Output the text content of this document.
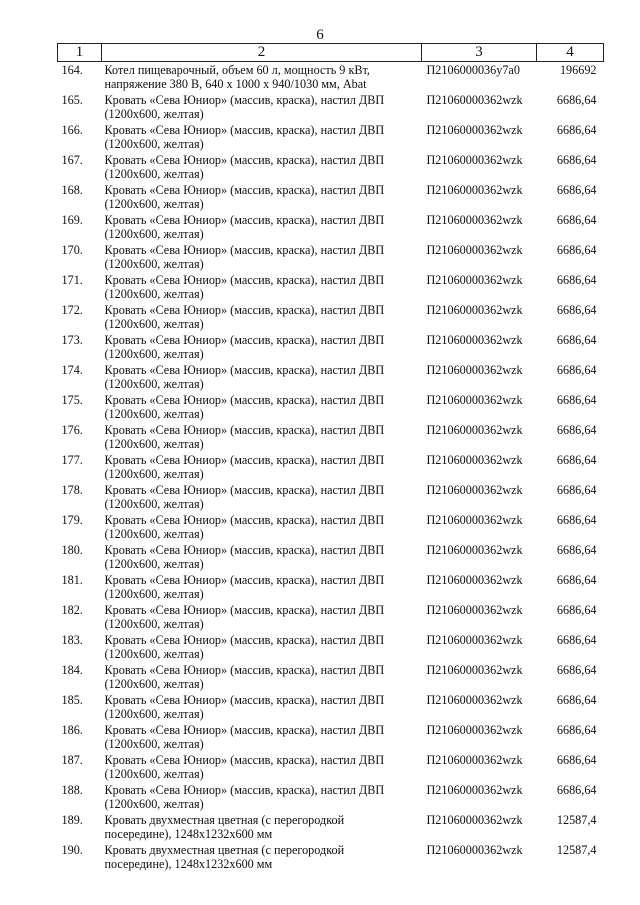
6
1	2	3	4
164.	Котел пищеварочный, объем 60 л, мощность 9 кВт,
напряжение 380 В, 640 х 1000 х 940/1030 мм, Abat	П2106000036у7а0	196692
165.	Кровать «Сева Юниор» (массив, краска), настил ДВП
(1200х600, желтая)	П21060000362wzk	6686,64
166.	Кровать «Сева Юниор» (массив, краска), настил ДВП
(1200х600, желтая)	П21060000362wzk	6686,64
167.	Кровать «Сева Юниор» (массив, краска), настил ДВП
(1200х600, желтая)	П21060000362wzk	6686,64
168.	Кровать «Сева Юниор» (массив, краска), настил ДВП
(1200х600, желтая)	П21060000362wzk	6686,64
169.	Кровать «Сева Юниор» (массив, краска), настил ДВП
(1200х600, желтая)	П21060000362wzk	6686,64
170.	Кровать «Сева Юниор» (массив, краска), настил ДВП
(1200х600, желтая)	П21060000362wzk	6686,64
171.	Кровать «Сева Юниор» (массив, краска), настил ДВП
(1200х600, желтая)	П21060000362wzk	6686,64
172.	Кровать «Сева Юниор» (массив, краска), настил ДВП
(1200х600, желтая)	П21060000362wzk	6686,64
173.	Кровать «Сева Юниор» (массив, краска), настил ДВП
(1200х600, желтая)	П21060000362wzk	6686,64
174.	Кровать «Сева Юниор» (массив, краска), настил ДВП
(1200х600, желтая)	П21060000362wzk	6686,64
175.	Кровать «Сева Юниор» (массив, краска), настил ДВП
(1200х600, желтая)	П21060000362wzk	6686,64
176.	Кровать «Сева Юниор» (массив, краска), настил ДВП
(1200х600, желтая)	П21060000362wzk	6686,64
177.	Кровать «Сева Юниор» (массив, краска), настил ДВП
(1200х600, желтая)	П21060000362wzk	6686,64
178.	Кровать «Сева Юниор» (массив, краска), настил ДВП
(1200х600, желтая)	П21060000362wzk	6686,64
179.	Кровать «Сева Юниор» (массив, краска), настил ДВП
(1200х600, желтая)	П21060000362wzk	6686,64
180.	Кровать «Сева Юниор» (массив, краска), настил ДВП
(1200х600, желтая)	П21060000362wzk	6686,64
181.	Кровать «Сева Юниор» (массив, краска), настил ДВП
(1200х600, желтая)	П21060000362wzk	6686,64
182.	Кровать «Сева Юниор» (массив, краска), настил ДВП
(1200х600, желтая)	П21060000362wzk	6686,64
183.	Кровать «Сева Юниор» (массив, краска), настил ДВП
(1200х600, желтая)	П21060000362wzk	6686,64
184.	Кровать «Сева Юниор» (массив, краска), настил ДВП
(1200х600, желтая)	П21060000362wzk	6686,64
185.	Кровать «Сева Юниор» (массив, краска), настил ДВП
(1200х600, желтая)	П21060000362wzk	6686,64
186.	Кровать «Сева Юниор» (массив, краска), настил ДВП
(1200х600, желтая)	П21060000362wzk	6686,64
187.	Кровать «Сева Юниор» (массив, краска), настил ДВП
(1200х600, желтая)	П21060000362wzk	6686,64
188.	Кровать «Сева Юниор» (массив, краска), настил ДВП
(1200х600, желтая)	П21060000362wzk	6686,64
189.	Кровать двухместная цветная (с перегородкой
посередине), 1248х1232х600 мм	П21060000362wzk	12587,4
190.	Кровать двухместная цветная (с перегородкой
посередине), 1248х1232х600 мм	П21060000362wzk	12587,4
